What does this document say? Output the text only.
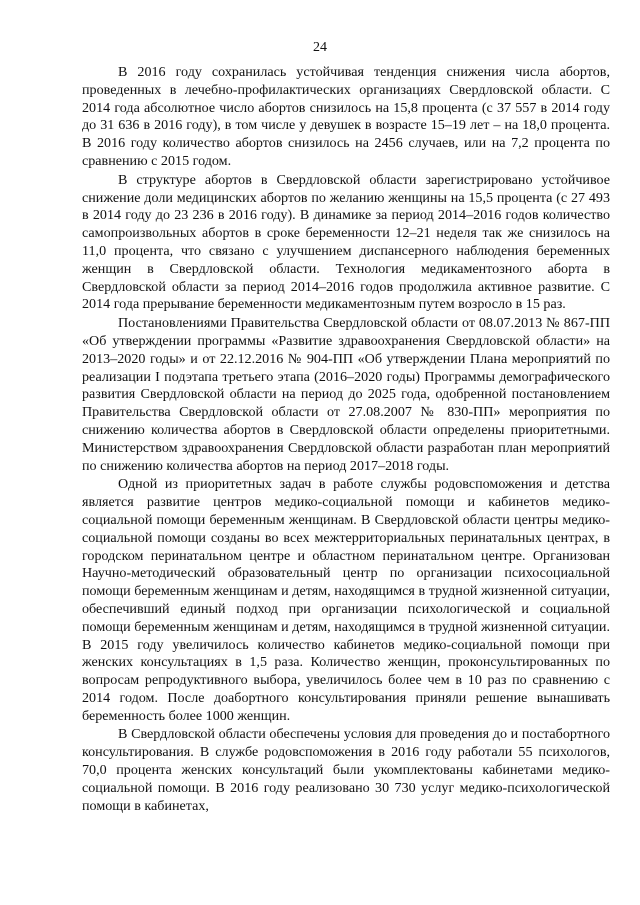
24

В 2016 году сохранилась устойчивая тенденция снижения числа абортов, проведенных в лечебно-профилактических организациях Свердловской области. С 2014 года абсолютное число абортов снизилось на 15,8 процента (с 37 557 в 2014 году до 31 636 в 2016 году), в том числе у девушек в возрасте 15–19 лет – на 18,0 процента. В 2016 году количество абортов снизилось на 2456 случаев, или на 7,2 процента по сравнению с 2015 годом.

В структуре абортов в Свердловской области зарегистрировано устойчивое снижение доли медицинских абортов по желанию женщины на 15,5 процента (с 27 493 в 2014 году до 23 236 в 2016 году). В динамике за период 2014–2016 годов количество самопроизвольных абортов в сроке беременности 12–21 неделя так же снизилось на 11,0 процента, что связано с улучшением диспансерного наблюдения беременных женщин в Свердловской области. Технология медикаментозного аборта в Свердловской области за период 2014–2016 годов продолжила активное развитие. С 2014 года прерывание беременности медикаментозным путем возросло в 15 раз.

Постановлениями Правительства Свердловской области от 08.07.2013 № 867-ПП «Об утверждении программы «Развитие здравоохранения Свердловской области» на 2013–2020 годы» и от 22.12.2016 № 904-ПП «Об утверждении Плана мероприятий по реализации I подэтапа третьего этапа (2016–2020 годы) Программы демографического развития Свердловской области на период до 2025 года, одобренной постановлением Правительства Свердловской области от 27.08.2007 № 830-ПП» мероприятия по снижению количества абортов в Свердловской области определены приоритетными. Министерством здравоохранения Свердловской области разработан план мероприятий по снижению количества абортов на период 2017–2018 годы.

Одной из приоритетных задач в работе службы родовспоможения и детства является развитие центров медико-социальной помощи и кабинетов медико-социальной помощи беременным женщинам. В Свердловской области центры медико-социальной помощи созданы во всех межтерриториальных перинатальных центрах, в городском перинатальном центре и областном перинатальном центре. Организован Научно-методический образовательный центр по организации психосоциальной помощи беременным женщинам и детям, находящимся в трудной жизненной ситуации, обеспечивший единый подход при организации психологической и социальной помощи беременным женщинам и детям, находящимся в трудной жизненной ситуации. В 2015 году увеличилось количество кабинетов медико-социальной помощи при женских консультациях в 1,5 раза. Количество женщин, проконсультированных по вопросам репродуктивного выбора, увеличилось более чем в 10 раз по сравнению с 2014 годом. После доабортного консультирования приняли решение вынашивать беременность более 1000 женщин.

В Свердловской области обеспечены условия для проведения до и постабортного консультирования. В службе родовспоможения в 2016 году работали 55 психологов, 70,0 процента женских консультаций были укомплектованы кабинетами медико-социальной помощи. В 2016 году реализовано 30 730 услуг медико-психологической помощи в кабинетах,
